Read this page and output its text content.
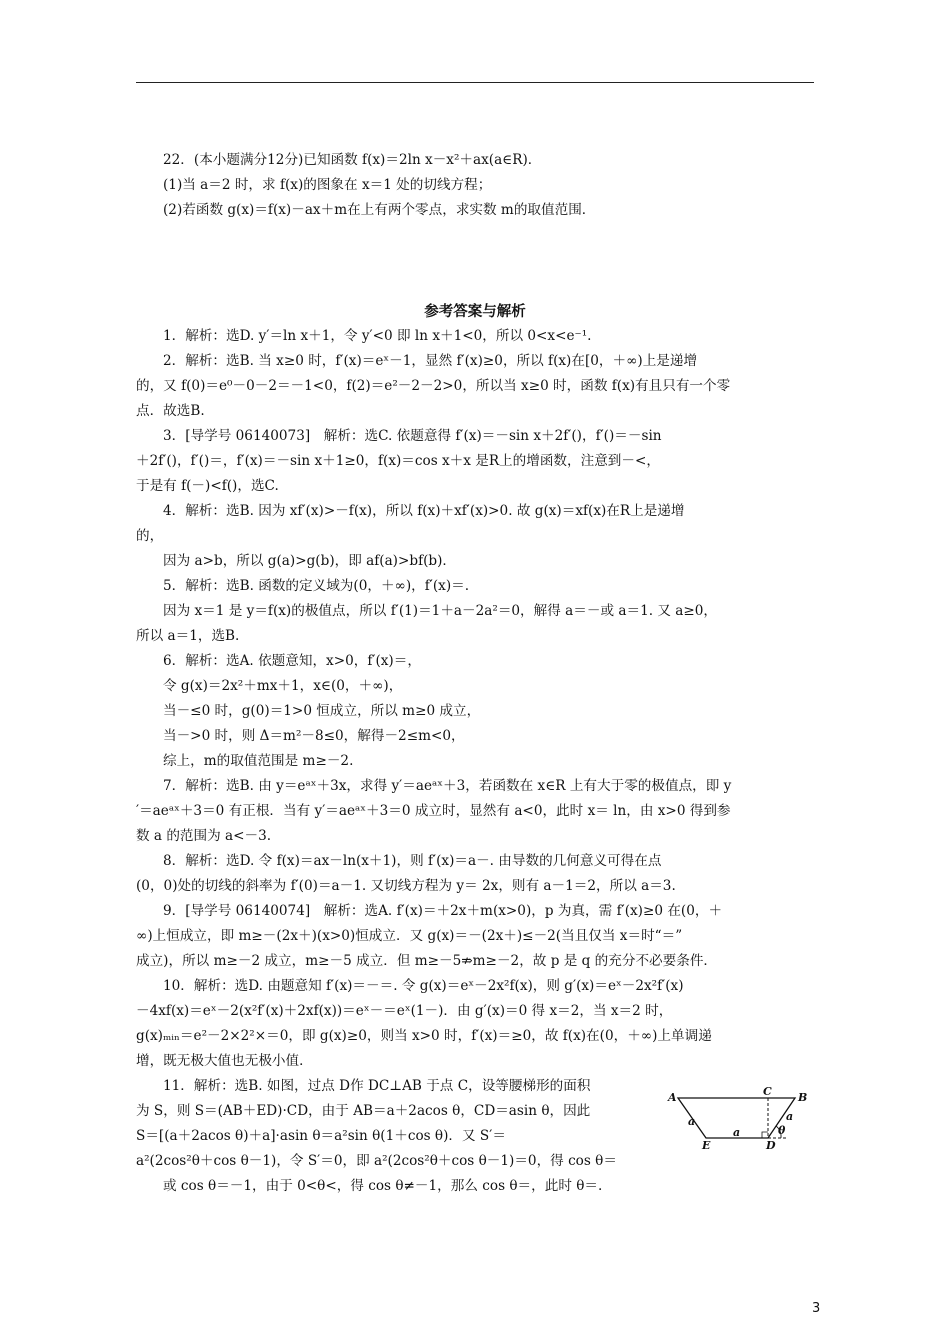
22．(本小题满分12分)已知函数 f(x)＝2ln x－x²＋ax(a∈R)．
(1)当 a＝2 时，求 f(x)的图象在 x＝1 处的切线方程；
(2)若函数 g(x)＝f(x)－ax＋m在上有两个零点，求实数 m的取值范围．
参考答案与解析
1．解析：选D. y′＝ln x＋1，令 y′<0 即 ln x＋1<0，所以 0<x<e⁻¹.
2．解析：选B. 当 x≥0 时，f′(x)＝eˣ－1，显然 f′(x)≥0，所以 f(x)在[0，＋∞)上是递增
的，又 f(0)＝e⁰－0－2＝－1<0，f(2)＝e²－2－2>0，所以当 x≥0 时，函数 f(x)有且只有一个零
点．故选B.
3．[导学号 06140073]　解析：选C. 依题意得 f′(x)＝－sin x＋2f′()，f′()＝－sin
＋2f′()，f′()＝，f′(x)＝－sin x＋1≥0，f(x)＝cos x＋x 是R上的增函数，注意到－<，
于是有 f(－)<f()，选C.
4．解析：选B. 因为 xf′(x)>－f(x)，所以 f(x)＋xf′(x)>0. 故 g(x)＝xf(x)在R上是递增
的，
因为 a>b，所以 g(a)>g(b)，即 af(a)>bf(b)．
5．解析：选B. 函数的定义域为(0，＋∞)，f′(x)＝.
因为 x＝1 是 y＝f(x)的极值点，所以 f′(1)＝1＋a－2a²＝0，解得 a＝－或 a＝1. 又 a≥0，
所以 a＝1，选B.
6．解析：选A. 依题意知，x>0，f′(x)＝，
令 g(x)＝2x²＋mx＋1，x∈(0，＋∞)，
当－≤0 时，g(0)＝1>0 恒成立，所以 m≥0 成立，
当－>0 时，则 Δ＝m²－8≤0，解得－2≤m<0，
综上，m的取值范围是 m≥－2.
7．解析：选B. 由 y＝eᵃˣ＋3x，求得 y′＝aeᵃˣ＋3，若函数在 x∈R 上有大于零的极值点，即 y
′＝aeᵃˣ＋3＝0 有正根．当有 y′＝aeᵃˣ＋3＝0 成立时，显然有 a<0，此时 x＝ ln，由 x>0 得到参
数 a 的范围为 a<－3.
8．解析：选D. 令 f(x)＝ax－ln(x＋1)，则 f′(x)＝a－. 由导数的几何意义可得在点
(0，0)处的切线的斜率为 f′(0)＝a－1. 又切线方程为 y＝ 2x，则有 a－1＝2，所以 a＝3.
9．[导学号 06140074]　解析：选A. f′(x)＝＋2x＋m(x>0)，p 为真，需 f′(x)≥0 在(0，＋
∞)上恒成立，即 m≥－(2x＋)(x>0)恒成立．又 g(x)＝－(2x＋)≤－2(当且仅当 x＝时“＝”
成立)，所以 m≥－2 成立，m≥－5 成立．但 m≥－5⇏m≥－2，故 p 是 q 的充分不必要条件．
10．解析：选D. 由题意知 f′(x)＝－＝. 令 g(x)＝eˣ－2x²f(x)，则 g′(x)＝eˣ－2x²f′(x)
－4xf(x)＝eˣ－2(x²f′(x)＋2xf(x))＝eˣ－＝eˣ(1－)．由 g′(x)＝0 得 x＝2，当 x＝2 时，
g(x)ₘᵢₙ＝e²－2×2²×＝0，即 g(x)≥0，则当 x>0 时，f′(x)＝≥0，故 f(x)在(0，＋∞)上单调递
增，既无极大值也无极小值．
11．解析：选B. 如图，过点 D作 DC⊥AB 于点 C，设等腰梯形的面积
为 S，则 S＝(AB＋ED)·CD，由于 AB＝a＋2acos θ，CD＝asin θ，因此
S＝[(a＋2acos θ)＋a]·asin θ＝a²sin θ(1＋cos θ)．又 S′＝
a²(2cos²θ＋cos θ－1)，令 S′＝0，即 a²(2cos²θ＋cos θ－1)＝0，得 cos θ＝
或 cos θ＝－1，由于 0<θ<，得 cos θ≠－1，那么 cos θ＝，此时 θ＝.
A	B
C
D
E
a
a
a
θ
3
